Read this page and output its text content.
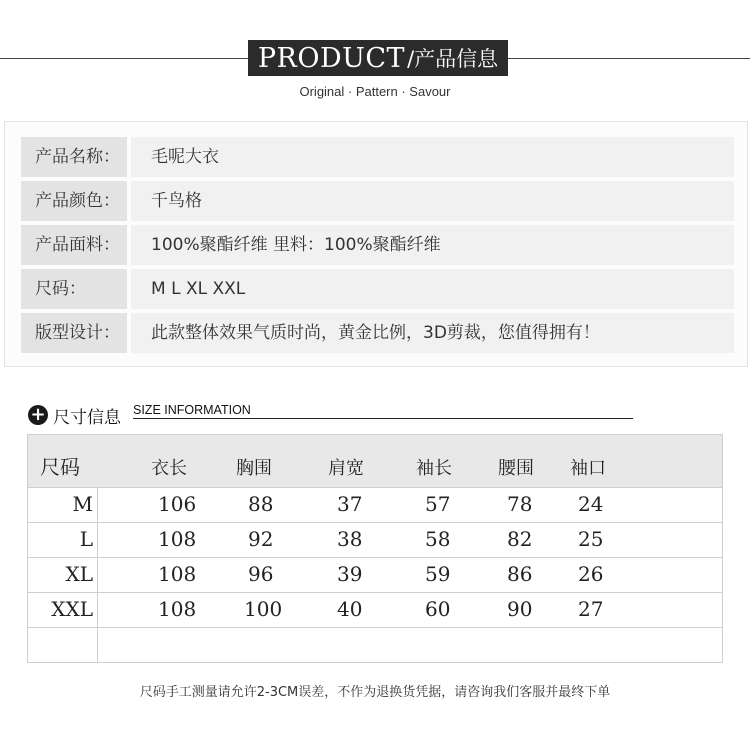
PRODUCT /产品信息
Original · Pattern · Savour
产品名称：	毛呢大衣
产品颜色：	千鸟格
产品面料：	100%聚酯纤维 里料：100%聚酯纤维
尺码：	M L XL XXL
版型设计：	此款整体效果气质时尚，黄金比例，3D剪裁，您值得拥有！
+ 尺寸信息 SIZE INFORMATION
尺码	衣长	胸围	肩宽	袖长	腰围 袖口
M	106	88	37	57	78 24
L	108	92	38	58	82 25
XL	108	96	39	59	86 26
XXL	108 100	40	60	90 27
尺码手工测量请允许2-3CM误差，不作为退换货凭据，请咨询我们客服并最终下单
